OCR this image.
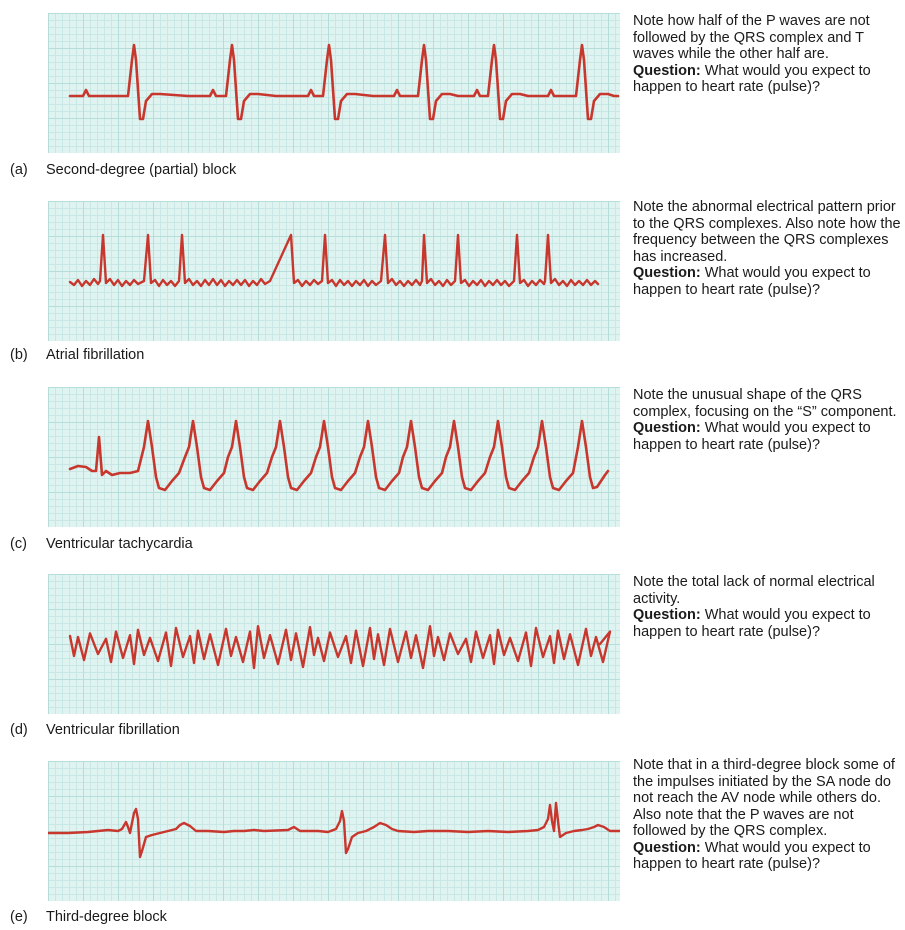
(a) Second-degree (partial) block
Note how half of the P waves are not followed by the QRS complex and T waves while the other half are.
Question: What would you expect to happen to heart rate (pulse)?
(b) Atrial fibrillation
Note the abnormal electrical pattern prior to the QRS complexes. Also note how the frequency between the QRS complexes has increased.
Question: What would you expect to happen to heart rate (pulse)?
(c) Ventricular tachycardia
Note the unusual shape of the QRS complex, focusing on the “S” component.
Question: What would you expect to happen to heart rate (pulse)?
(d) Ventricular fibrillation
Note the total lack of normal electrical activity.
Question: What would you expect to happen to heart rate (pulse)?
(e) Third-degree block
Note that in a third-degree block some of the impulses initiated by the SA node do not reach the AV node while others do. Also note that the P waves are not followed by the QRS complex.
Question: What would you expect to happen to heart rate (pulse)?
